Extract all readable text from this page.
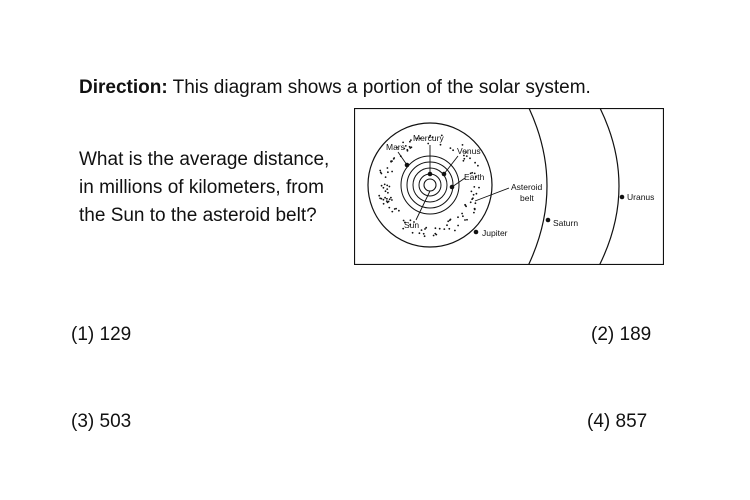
Direction: This diagram shows a portion of the solar system.
What is the average distance,
in millions of kilometers, from
the Sun to the asteroid belt?
Mars
Mercury
Venus
Earth
Sun
Asteroid
belt
Jupiter
Saturn
Uranus
(1) 129	(2) 189
(3) 503	(4) 857
